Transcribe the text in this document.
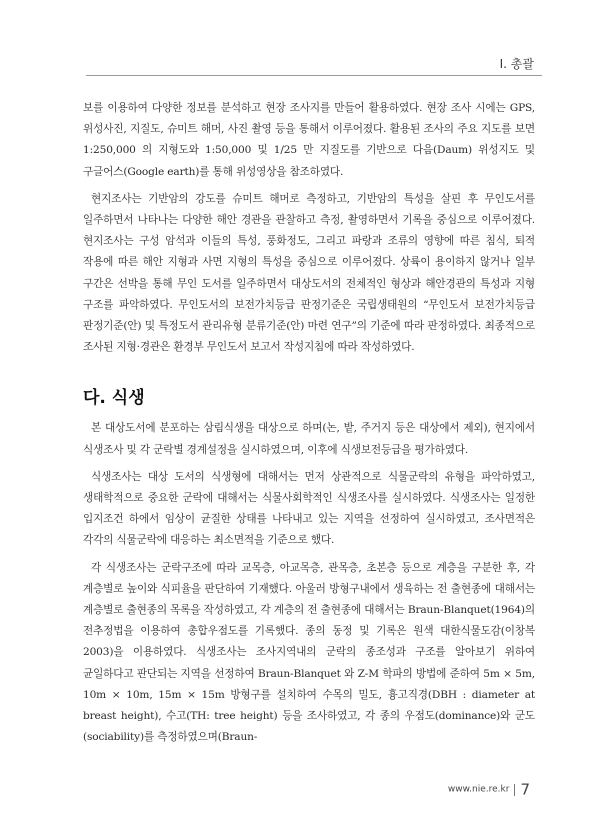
I. 총괄

보를 이용하여 다양한 정보를 분석하고 현장 조사지를 만들어 활용하였다. 현장 조사 시에는 GPS, 위성사진, 지질도, 슈미트 해머, 사진 촬영 등을 통해서 이루어졌다. 활용된 조사의 주요 지도를 보면 1:250,000 의 지형도와 1:50,000 및 1/25 만 지질도를 기반으로 다음(Daum) 위성지도 및 구글어스(Google earth)를 통해 위성영상을 참조하였다.

현지조사는 기반암의 강도를 슈미트 해머로 측정하고, 기반암의 특성을 살핀 후 무인도서를 일주하면서 나타나는 다양한 해안 경관을 관찰하고 측정, 촬영하면서 기록을 중심으로 이루어졌다. 현지조사는 구성 암석과 이들의 특성, 풍화정도, 그리고 파랑과 조류의 영향에 따른 침식, 퇴적 작용에 따른 해안 지형과 사면 지형의 특성을 중심으로 이루어졌다. 상륙이 용이하지 않거나 일부 구간은 선박을 통해 무인 도서를 일주하면서 대상도서의 전체적인 형상과 해안경관의 특성과 지형 구조를 파악하였다. 무인도서의 보전가치등급 판정기준은 국립생태원의 “무인도서 보전가치등급 판정기준(안) 및 특정도서 관리유형 분류기준(안) 마련 연구”의 기준에 따라 판정하였다. 최종적으로 조사된 지형·경관은 환경부 무인도서 보고서 작성지침에 따라 작성하였다.

다. 식생

본 대상도서에 분포하는 삼림식생을 대상으로 하며(논, 밭, 주거지 등은 대상에서 제외), 현지에서 식생조사 및 각 군락별 경계설정을 실시하였으며, 이후에 식생보전등급을 평가하였다.

식생조사는 대상 도서의 식생형에 대해서는 먼저 상관적으로 식물군락의 유형을 파악하였고, 생태학적으로 중요한 군락에 대해서는 식물사회학적인 식생조사를 실시하였다. 식생조사는 일정한 입지조건 하에서 임상이 균질한 상태를 나타내고 있는 지역을 선정하여 실시하였고, 조사면적은 각각의 식물군락에 대응하는 최소면적을 기준으로 했다.

각 식생조사는 군락구조에 따라 교목층, 아교목층, 관목층, 초본층 등으로 계층을 구분한 후, 각 계층별로 높이와 식피율을 판단하여 기재했다. 아울러 방형구내에서 생육하는 전 출현종에 대해서는 계층별로 출현종의 목록을 작성하였고, 각 계층의 전 출현종에 대해서는 Braun-Blanquet(1964)의 전추정법을 이용하여 총합우점도를 기록했다. 종의 동정 및 기록은 원색 대한식물도감(이창복 2003)을 이용하였다. 식생조사는 조사지역내의 군락의 종조성과 구조를 알아보기 위하여 균일하다고 판단되는 지역을 선정하여 Braun-Blanquet 와 Z-M 학파의 방법에 준하여 5m × 5m, 10m × 10m, 15m × 15m 방형구를 설치하여 수목의 밀도, 흉고직경(DBH : diameter at breast height), 수고(TH: tree height) 등을 조사하였고, 각 종의 우점도(dominance)와 군도(sociability)를 측정하였으며(Braun-

www.nie.re.kr 7
